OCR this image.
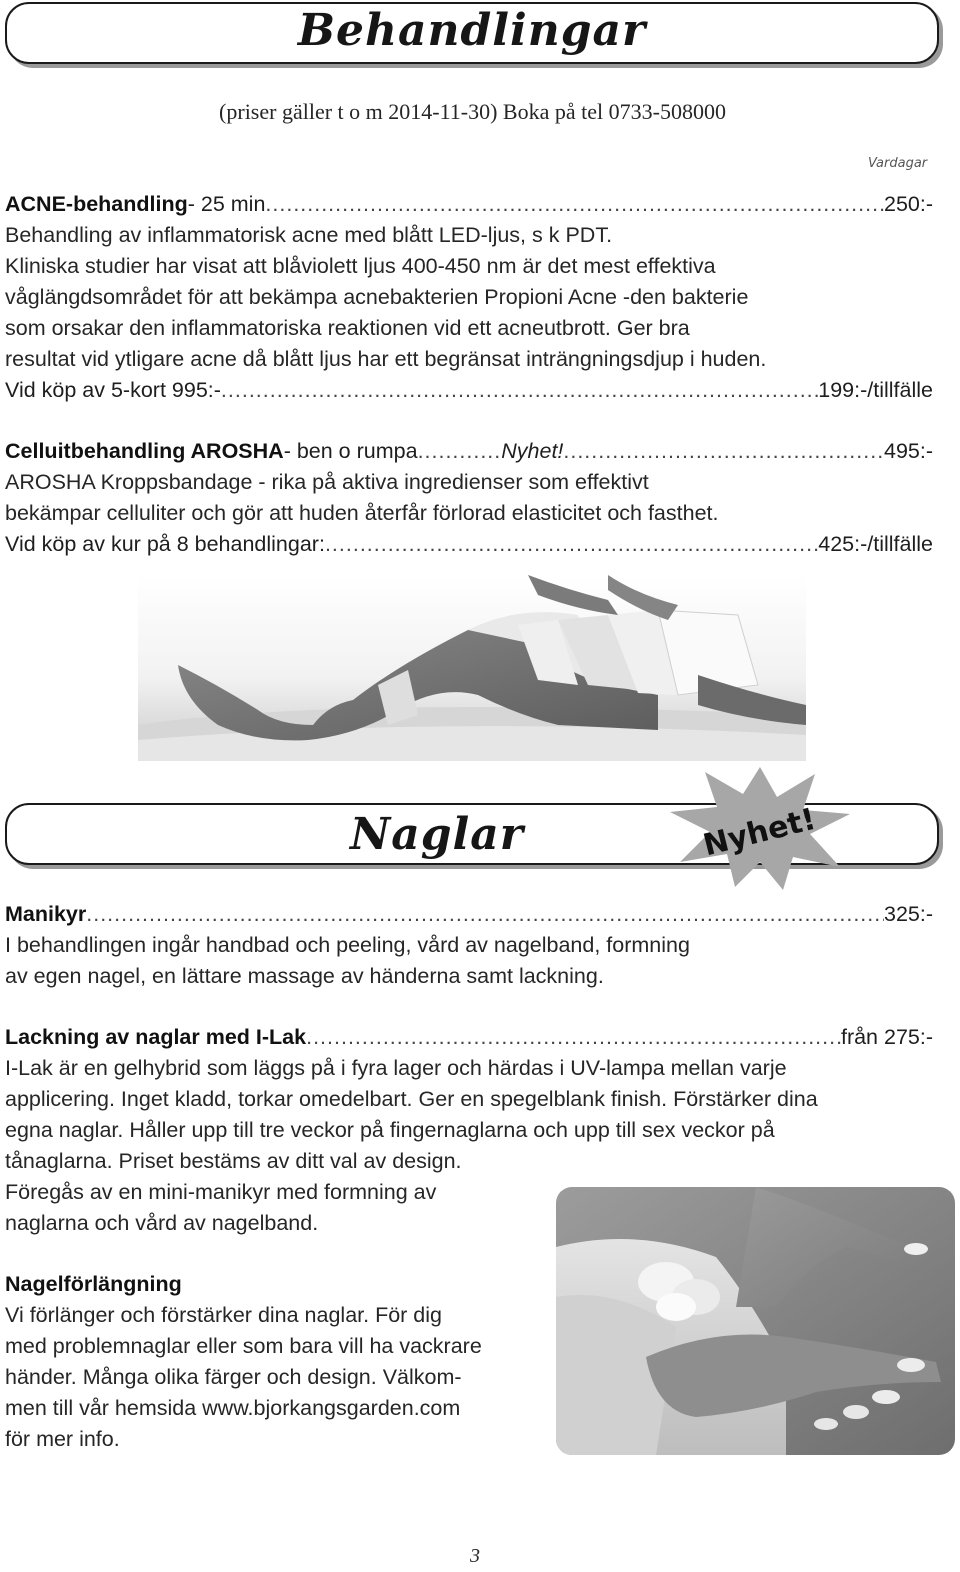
Behandlingar
(priser gäller t o m 2014-11-30) Boka på tel 0733-508000
Vardagar
ACNE-behandling - 25 min .....	250:-
Behandling av inflammatorisk acne med blått LED-ljus, s k PDT.
Kliniska studier har visat att blåviolett ljus 400-450 nm är det mest effektiva
våglängdsområdet för att bekämpa acnebakterien Propioni Acne -den bakterie
som orsakar den inflammatoriska reaktionen vid ett acneutbrott. Ger bra
resultat vid ytligare acne då blått ljus har ett begränsat inträngningsdjup i huden.
Vid köp av 5-kort 995:- .....	199:-/tillfälle
Celluitbehandling AROSHA - ben o rumpa ............ Nyhet! .....	495:-
AROSHA Kroppsbandage - rika på aktiva ingredienser som effektivt
bekämpar celluliter och gör att huden återfår förlorad elasticitet och fasthet.
Vid köp av kur på 8 behandlingar: .....	425:-/tillfälle
Naglar	Nyhet!
Manikyr .....	325:-
I behandlingen ingår handbad och peeling, vård av nagelband, formning
av egen nagel, en lättare massage av händerna samt lackning.
Lackning av naglar med I-Lak .....	från 275:-
I-Lak är en gelhybrid som läggs på i fyra lager och härdas i UV-lampa mellan varje
applicering. Inget kladd, torkar omedelbart. Ger en spegelblank finish. Förstärker dina
egna naglar. Håller upp till tre veckor på fingernaglarna och upp till sex veckor på
tånaglarna. Priset bestäms av ditt val av design.
Föregås av en mini-manikyr med formning av
naglarna och vård av nagelband.
Nagelförlängning
Vi förlänger och förstärker dina naglar. För dig
med problemnaglar eller som bara vill ha vackrare
händer. Många olika färger och design. Välkom-
men till vår hemsida www.bjorkangsgarden.com
för mer info.
3
